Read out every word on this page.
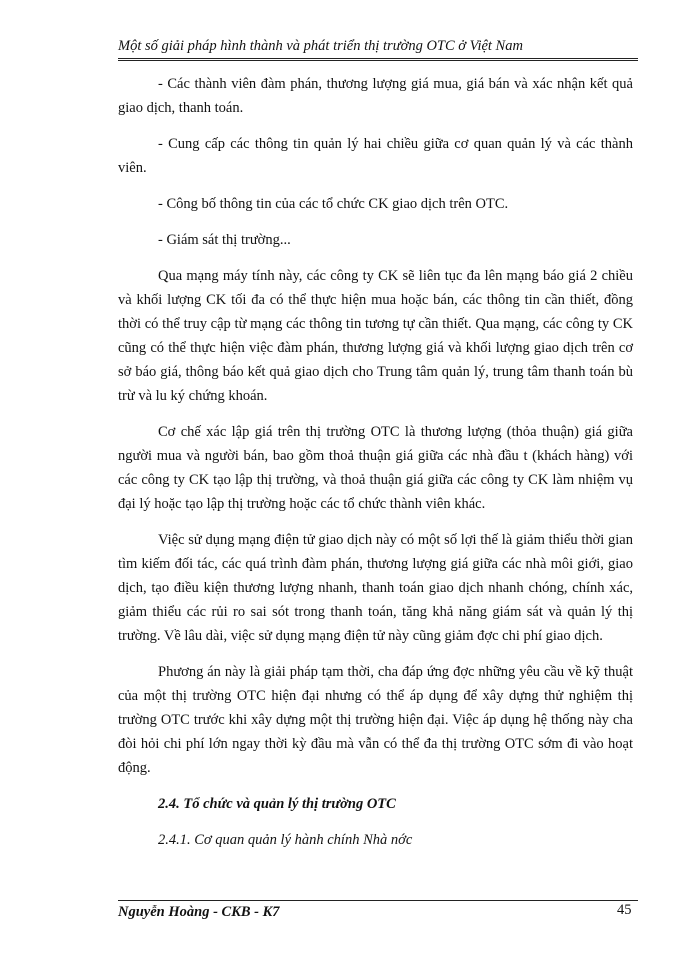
Một số giải pháp hình thành và phát triển thị trường OTC ở Việt Nam

- Các thành viên đàm phán, thương lượng giá mua, giá bán và xác nhận kết quả giao dịch, thanh toán.

- Cung cấp các thông tin quản lý hai chiều giữa cơ quan quản lý và các thành viên.

- Công bố thông tin của các tổ chức CK giao dịch trên OTC.

- Giám sát thị trường...

Qua mạng máy tính này, các công ty CK sẽ liên tục đa lên mạng báo giá 2 chiều và khối lượng CK tối đa có thể thực hiện mua hoặc bán, các thông tin cần thiết, đồng thời có thể truy cập từ mạng các thông tin tương tự cần thiết. Qua mạng, các công ty CK cũng có thể thực hiện việc đàm phán, thương lượng giá và khối lượng giao dịch trên cơ sở báo giá, thông báo kết quả giao dịch cho Trung tâm quản lý, trung tâm thanh toán bù trừ và lu ký chứng khoán.

Cơ chế xác lập giá trên thị trường OTC là thương lượng (thỏa thuận) giá giữa người mua và người bán, bao gồm thoả thuận giá giữa các nhà đầu t (khách hàng) với các công ty CK tạo lập thị trường, và thoả thuận giá giữa các công ty CK làm nhiệm vụ đại lý hoặc tạo lập thị trường hoặc các tổ chức thành viên khác.

Việc sử dụng mạng điện tử giao dịch này có một số lợi thế là giảm thiểu thời gian tìm kiếm đối tác, các quá trình đàm phán, thương lượng giá giữa các nhà môi giới, giao dịch, tạo điều kiện thương lượng nhanh, thanh toán giao dịch nhanh chóng, chính xác, giảm thiểu các rủi ro sai sót trong thanh toán, tăng khả năng giám sát và quản lý thị trường. Về lâu dài, việc sử dụng mạng điện tử này cũng giảm đợc chi phí giao dịch.

Phương án này là giải pháp tạm thời, cha đáp ứng đợc những yêu cầu về kỹ thuật của một thị trường OTC hiện đại nhưng có thể áp dụng để xây dựng thử nghiệm thị trường OTC trước khi xây dựng một thị trường hiện đại. Việc áp dụng hệ thống này cha đòi hỏi chi phí lớn ngay thời kỳ đầu mà vẫn có thể đa thị trường OTC sớm đi vào hoạt động.

2.4. Tổ chức và quản lý thị trường OTC
2.4.1. Cơ quan quản lý hành chính Nhà nớc
Nguyễn Hoàng - CKB - K7	45
